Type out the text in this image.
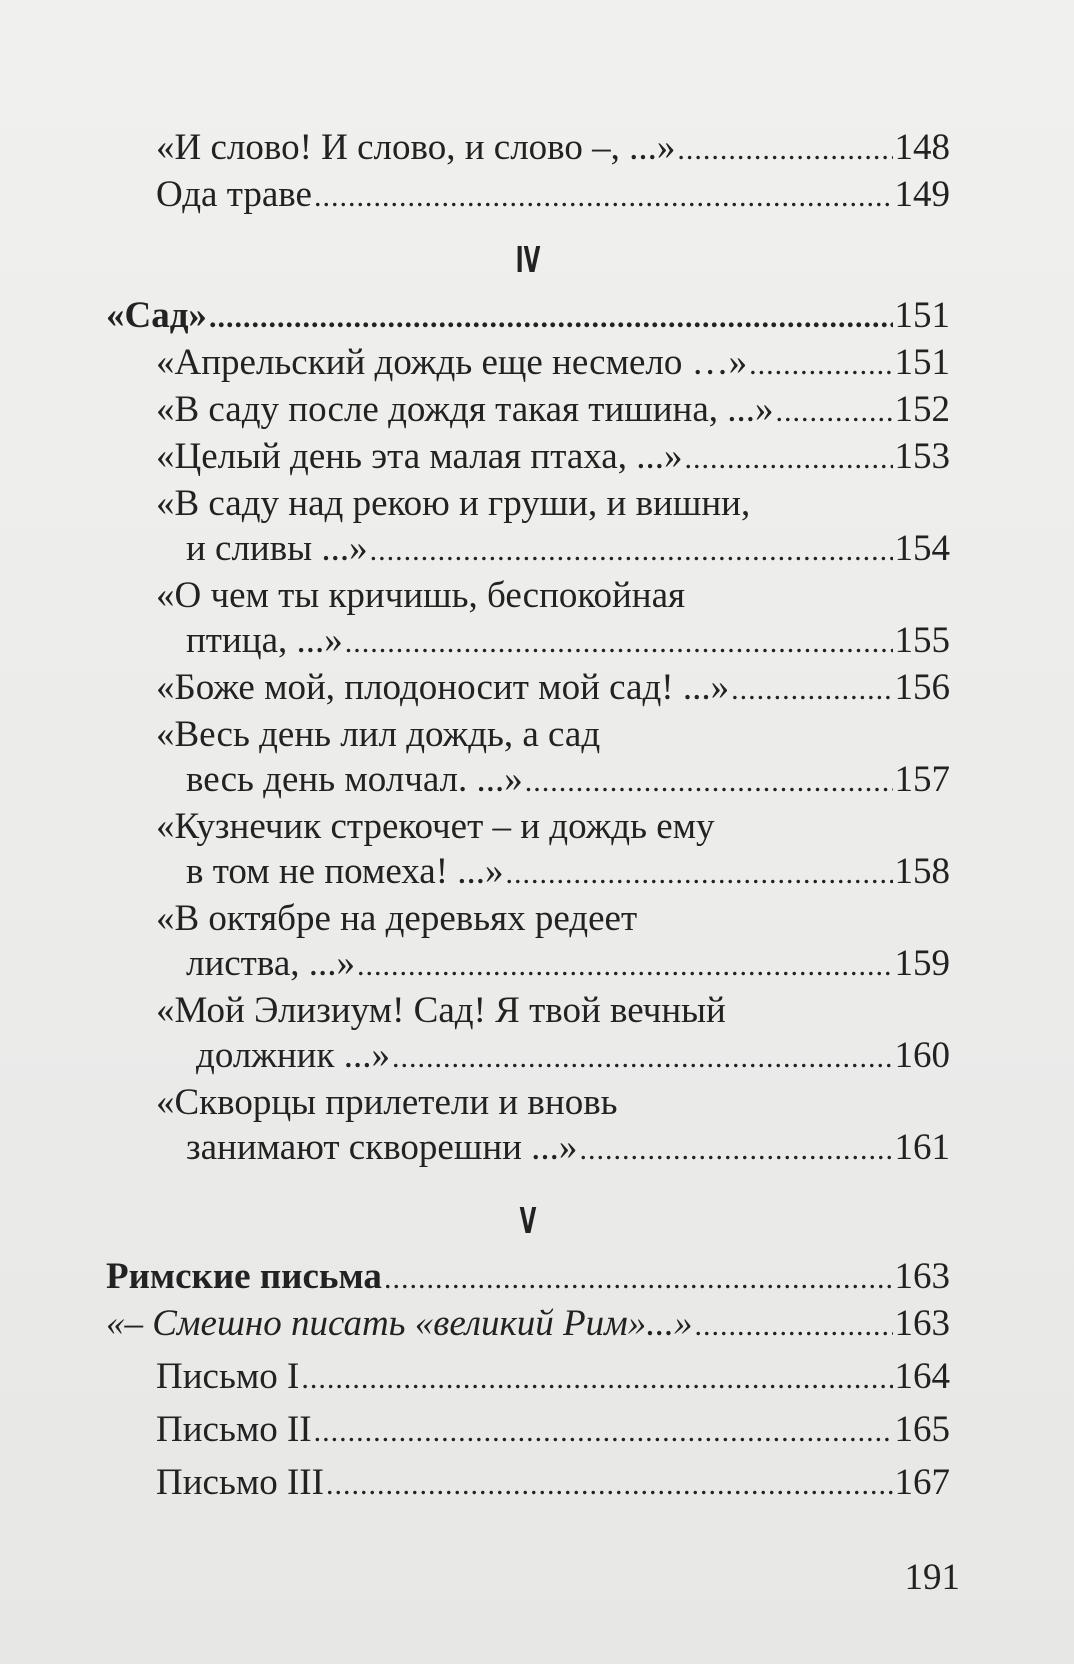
«И слово! И слово, и слово –, ...» .....	148
Ода траве .....	149
IV
«Сад» .....	151
«Апрельский дождь еще несмело …» .....	151
«В саду после дождя такая тишина, ...» .....	152
«Целый день эта малая птаха, ...» .....	153
«В саду над рекою и груши, и вишни,
и сливы ...» .....	154
«О чем ты кричишь, беспокойная
птица, ...» .....	155
«Боже мой, плодоносит мой сад! ...» .....	156
«Весь день лил дождь, а сад
весь день молчал. ...» .....	157
«Кузнечик стрекочет – и дождь ему
в том не помеха! ...» .....	158
«В октябре на деревьях редеет
листва, ...» .....	159
«Мой Элизиум! Сад! Я твой вечный
должник ...» .....	160
«Скворцы прилетели и вновь
занимают скворешни ...» .....	161
V
Римские письма .....	163
«– Смешно писать «великий Рим»...» .....	163
Письмо I .....	164
Письмо II .....	165
Письмо III .....	167
191
